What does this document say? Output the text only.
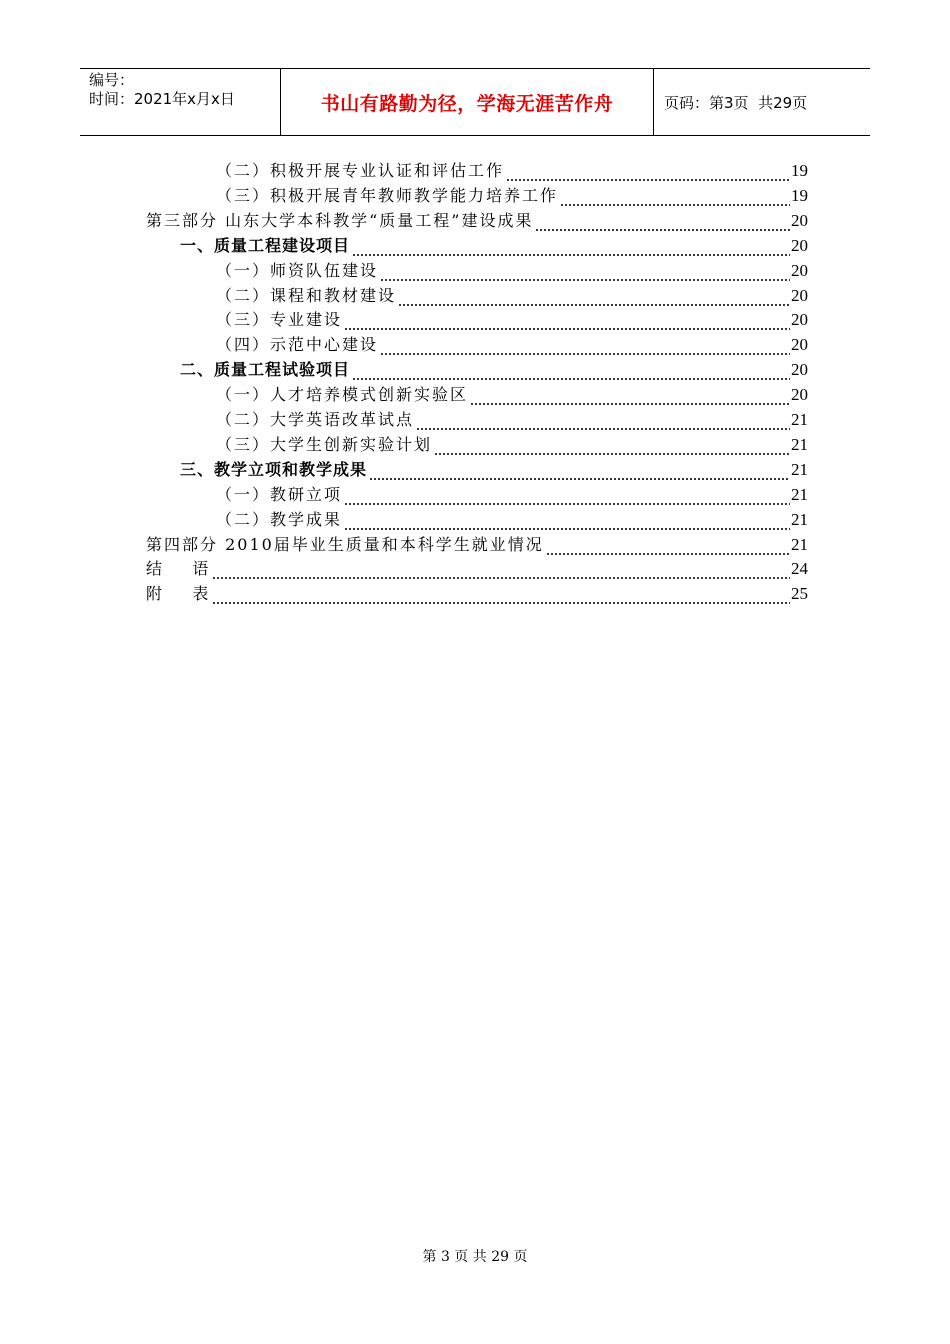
编号：
时间：2021年x月x日	书山有路勤为径，学海无涯苦作舟	页码：第3页  共29页
（二）积极开展专业认证和评估工作	19
（三）积极开展青年教师教学能力培养工作	19
第三部分 山东大学本科教学“质量工程”建设成果	20
一、质量工程建设项目	20
（一）师资队伍建设	20
（二）课程和教材建设	20
（三）专业建设	20
（四）示范中心建设	20
二、质量工程试验项目	20
（一）人才培养模式创新实验区	20
（二）大学英语改革试点	21
（三）大学生创新实验计划	21
三、教学立项和教学成果	21
（一）教研立项	21
（二）教学成果	21
第四部分 2010届毕业生质量和本科学生就业情况	21
结    语	24
附    表	25
第 3 页 共 29 页
